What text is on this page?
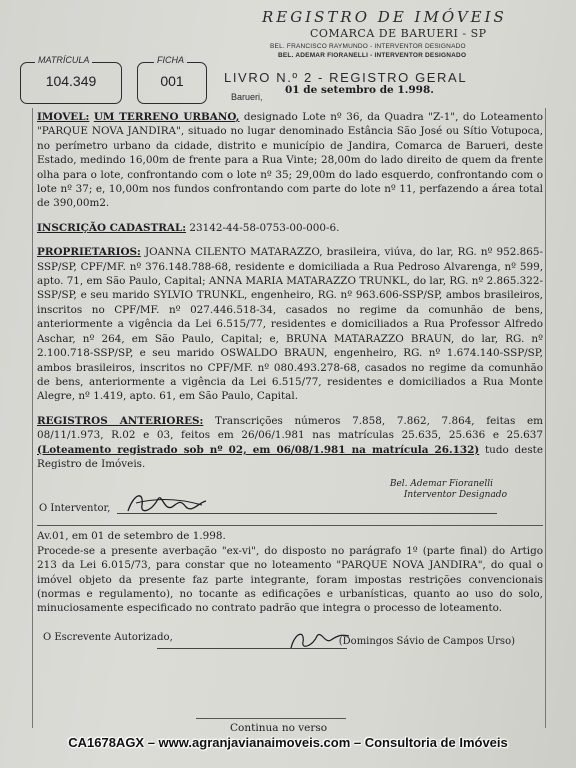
REGISTRO DE IMÓVEIS
COMARCA DE BARUERI - SP
BEL. FRANCISCO RAYMUNDO - INTERVENTOR DESIGNADO
BEL. ADEMAR FIORANELLI - INTERVENTOR DESIGNADO
MATRÍCULA
104.349
FICHA
001	LIVRO N.º 2 - REGISTRO GERAL
01 de setembro de 1.998.
Barueri,

IMOVEL: UM TERRENO URBANO, designado Lote nº 36, da Quadra "Z-1", do Loteamento "PARQUE NOVA JANDIRA", situado no lugar denominado Estância São José ou Sítio Votupoca, no perímetro urbano da cidade, distrito e município de Jandira, Comarca de Barueri, deste Estado, medindo 16,00m de frente para a Rua Vinte; 28,00m do lado direito de quem da frente olha para o lote, confrontando com o lote nº 35; 29,00m do lado esquerdo, confrontando com o lote nº 37; e, 10,00m nos fundos confrontando com parte do lote nº 11, perfazendo a área total de 390,00m2.

INSCRIÇÃO CADASTRAL: 23142-44-58-0753-00-000-6.

PROPRIETARIOS: JOANNA CILENTO MATARAZZO, brasileira, viúva, do lar, RG. nº 952.865-SSP/SP, CPF/MF. nº 376.148.788-68, residente e domiciliada a Rua Pedroso Alvarenga, nº 599, apto. 71, em São Paulo, Capital; ANNA MARIA MATARAZZO TRUNKL, do lar, RG. nº 2.865.322-SSP/SP, e seu marido SYLVIO TRUNKL, engenheiro, RG. nº 963.606-SSP/SP, ambos brasileiros, inscritos no CPF/MF. nº 027.446.518-34, casados no regime da comunhão de bens, anteriormente a vigência da Lei 6.515/77, residentes e domiciliados a Rua Professor Alfredo Aschar, nº 264, em São Paulo, Capital; e, BRUNA MATARAZZO BRAUN, do lar, RG. nº 2.100.718-SSP/SP, e seu marido OSWALDO BRAUN, engenheiro, RG. nº 1.674.140-SSP/SP, ambos brasileiros, inscritos no CPF/MF. nº 080.493.278-68, casados no regime da comunhão de bens, anteriormente a vigência da Lei 6.515/77, residentes e domiciliados a Rua Monte Alegre, nº 1.419, apto. 61, em São Paulo, Capital.

REGISTROS ANTERIORES: Transcrições números 7.858, 7.862, 7.864, feitas em 08/11/1.973, R.02 e 03, feitos em 26/06/1.981 nas matrículas 25.635, 25.636 e 25.637 (Loteamento registrado sob nº 02, em 06/08/1.981 na matrícula 26.132) tudo deste Registro de Imóveis.

Bel. Ademar Fioranelli
Interventor Designado
O Interventor,

Av.01, em 01 de setembro de 1.998.

Procede-se a presente averbação "ex-vi", do disposto no parágrafo 1º (parte final) do Artigo 213 da Lei 6.015/73, para constar que no loteamento "PARQUE NOVA JANDIRA", do qual o imóvel objeto da presente faz parte integrante, foram impostas restrições convencionais (normas e regulamento), no tocante as edificações e urbanísticas, quanto ao uso do solo, minuciosamente especificado no contrato padrão que integra o processo de loteamento.

O Escrevente Autorizado,	(Domingos Sávio de Campos Urso)
Continua no verso
CA1678AGX – www.agranjavianaimoveis.com – Consultoria de Imóveis
